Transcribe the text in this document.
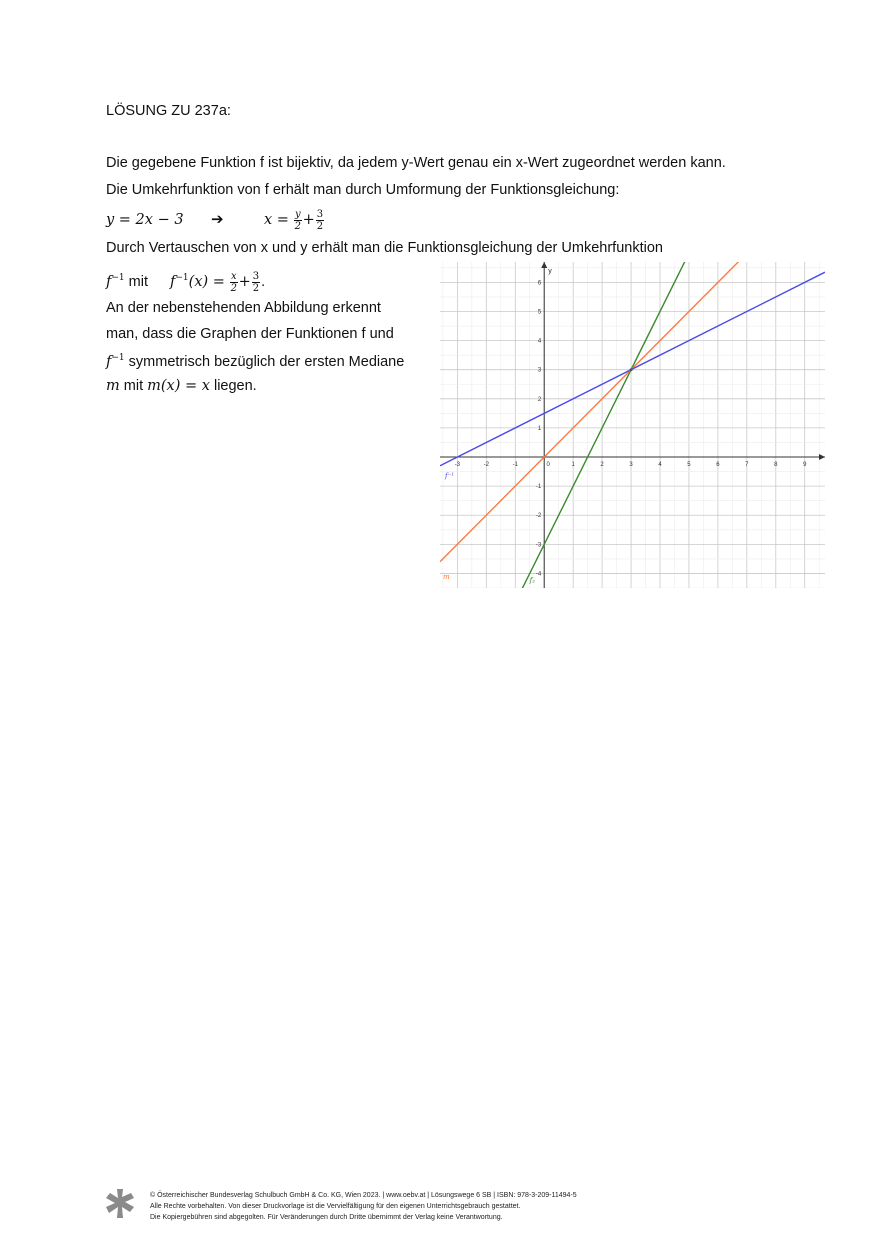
LÖSUNG ZU 237a:
Die gegebene Funktion f ist bijektiv, da jedem y-Wert genau ein x-Wert zugeordnet werden kann.
Die Umkehrfunktion von f erhält man durch Umformung der Funktionsgleichung:
y = 2x − 3 ➔	$x = \frac{y}{2} + \frac{3}{2}$
Durch Vertauschen von x und y erhält man die Funktionsgleichung der Umkehrfunktion
$f^{-1}$ mit $f^{-1}(x) = \frac{x}{2} + \frac{3}{2}$ .
An der nebenstehenden Abbildung erkennt
man, dass die Graphen der Funktionen f und
$f^{-1}$ symmetrisch bezüglich der ersten Mediane
m mit m(x) = x liegen.
y
-3	-2	-1	0	1	2	3	4	5	6	7	8	9
-4
-3
-2
-1
1
2
3
4
5
6
f₂
m
f⁻¹
© Österreichischer Bundesverlag Schulbuch GmbH & Co. KG, Wien 2023. | www.oebv.at | Lösungswege 6 SB | ISBN: 978-3-209-11494-5
Alle Rechte vorbehalten. Von dieser Druckvorlage ist die Vervielfältigung für den eigenen Unterrichtsgebrauch gestattet.
Die Kopiergebühren sind abgegolten. Für Veränderungen durch Dritte übernimmt der Verlag keine Verantwortung.
